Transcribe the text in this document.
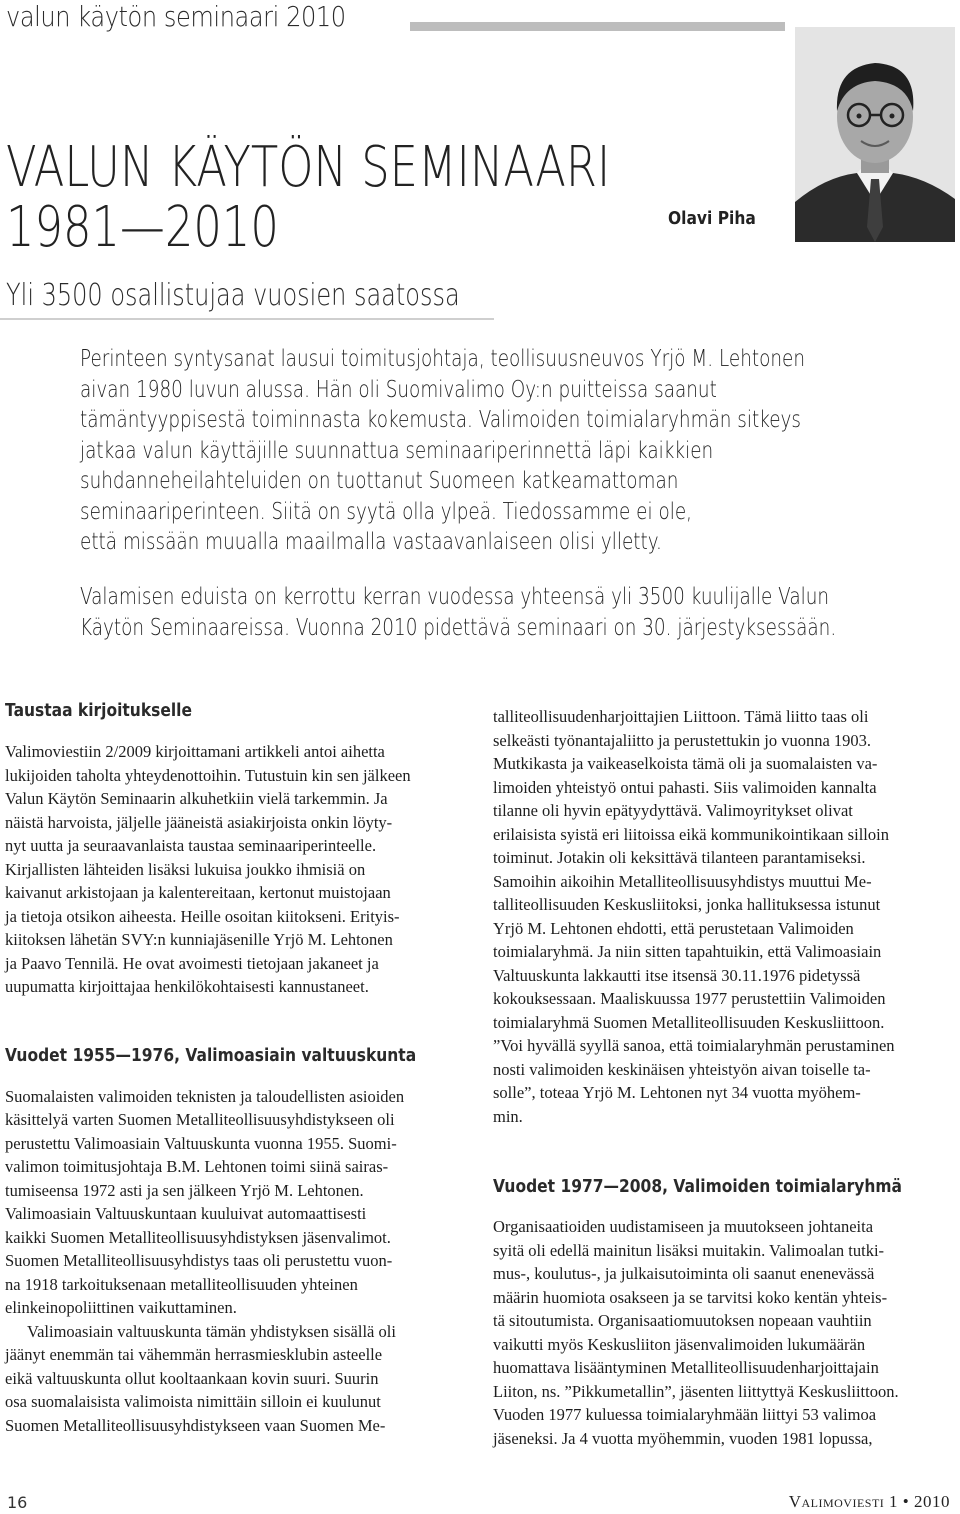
valun käytön seminaari 2010
VALUN KÄYTÖN SEMINAARI
1981—2010	Olavi Piha
Yli 3500 osallistujaa vuosien saatossa
Perinteen syntysanat lausui toimitusjohtaja, teollisuusneuvos Yrjö M. Lehtonen
aivan 1980 luvun alussa. Hän oli Suomivalimo Oy:n puitteissa saanut
tämäntyyppisestä toiminnasta kokemusta. Valimoiden toimialaryhmän sitkeys
jatkaa valun käyttäjille suunnattua seminaariperinnettä läpi kaikkien
suhdanneheilahteluiden on tuottanut Suomeen katkeamattoman
seminaariperinteen. Siitä on syytä olla ylpeä. Tiedossamme ei ole,
että missään muualla maailmalla vastaavanlaiseen olisi ylletty.
Valamisen eduista on kerrottu kerran vuodessa yhteensä yli 3500 kuulijalle Valun
Käytön Seminaareissa. Vuonna 2010 pidettävä seminaari on 30. järjestyksessään.
Taustaa kirjoitukselle
Valimoviestiin 2/2009 kirjoittamani artikkeli antoi aihetta
lukijoiden taholta yhteydenottoihin. Tutustuin kin sen jälkeen
Valun Käytön Seminaarin alkuhetkiin vielä tarkemmin. Ja
näistä harvoista, jäljelle jääneistä asiakirjoista onkin löyty-
nyt uutta ja seuraavanlaista taustaa seminaariperinteelle.
Kirjallisten lähteiden lisäksi lukuisa joukko ihmisiä on
kaivanut arkistojaan ja kalentereitaan, kertonut muistojaan
ja tietoja otsikon aiheesta. Heille osoitan kiitokseni. Erityis-
kiitoksen lähetän SVY:n kunniajäsenille Yrjö M. Lehtonen
ja Paavo Tennilä. He ovat avoimesti tietojaan jakaneet ja
uupumatta kirjoittajaa henkilökohtaisesti kannustaneet.
Vuodet 1955—1976, Valimoasiain valtuuskunta
Suomalaisten valimoiden teknisten ja taloudellisten asioiden
käsittelyä varten Suomen Metalliteollisuusyhdistykseen oli
perustettu Valimoasiain Valtuuskunta vuonna 1955. Suomi-
valimon toimitusjohtaja B.M. Lehtonen toimi siinä sairas-
tumiseensa 1972 asti ja sen jälkeen Yrjö M. Lehtonen.
Valimoasiain Valtuuskuntaan kuuluivat automaattisesti
kaikki Suomen Metalliteollisuusyhdistyksen jäsenvalimot.
Suomen Metalliteollisuusyhdistys taas oli perustettu vuon-
na 1918 tarkoituksenaan metalliteollisuuden yhteinen
elinkeinopoliittinen vaikuttaminen.
Valimoasiain valtuuskunta tämän yhdistyksen sisällä oli
jäänyt enemmän tai vähemmän herrasmiesklubin asteelle
eikä valtuuskunta ollut kooltaankaan kovin suuri. Suurin
osa suomalaisista valimoista nimittäin silloin ei kuulunut
Suomen Metalliteollisuusyhdistykseen vaan Suomen Me-
talliteollisuudenharjoittajien Liittoon. Tämä liitto taas oli
selkeästi työnantajaliitto ja perustettukin jo vuonna 1903.
Mutkikasta ja vaikeaselkoista tämä oli ja suomalaisten va-
limoiden yhteistyö ontui pahasti. Siis valimoiden kannalta
tilanne oli hyvin epätyydyttävä. Valimoyritykset olivat
erilaisista syistä eri liitoissa eikä kommunikointikaan silloin
toiminut. Jotakin oli keksittävä tilanteen parantamiseksi.
Samoihin aikoihin Metalliteollisuusyhdistys muuttui Me-
talliteollisuuden Keskusliitoksi, jonka hallituksessa istunut
Yrjö M. Lehtonen ehdotti, että perustetaan Valimoiden
toimialaryhmä. Ja niin sitten tapahtuikin, että Valimoasiain
Valtuuskunta lakkautti itse itsensä 30.11.1976 pidetyssä
kokouksessaan. Maaliskuussa 1977 perustettiin Valimoiden
toimialaryhmä Suomen Metalliteollisuuden Keskusliittoon.
”Voi hyvällä syyllä sanoa, että toimialaryhmän perustaminen
nosti valimoiden keskinäisen yhteistyön aivan toiselle ta-
solle”, toteaa Yrjö M. Lehtonen nyt 34 vuotta myöhem-
min.
Vuodet 1977—2008, Valimoiden toimialaryhmä
Organisaatioiden uudistamiseen ja muutokseen johtaneita
syitä oli edellä mainitun lisäksi muitakin. Valimoalan tutki-
mus-, koulutus-, ja julkaisutoiminta oli saanut enenevässä
määrin huomiota osakseen ja se tarvitsi koko kentän yhteis-
tä sitoutumista. Organisaatiomuutoksen nopeaan vauhtiin
vaikutti myös Keskusliiton jäsenvalimoiden lukumäärän
huomattava lisääntyminen Metalliteollisuudenharjoittajain
Liiton, ns. ”Pikkumetallin”, jäsenten liittyttyä Keskusliittoon.
Vuoden 1977 kuluessa toimialaryhmään liittyi 53 valimoa
jäseneksi. Ja 4 vuotta myöhemmin, vuoden 1981 lopussa,
16	Valimoviesti 1 • 2010
